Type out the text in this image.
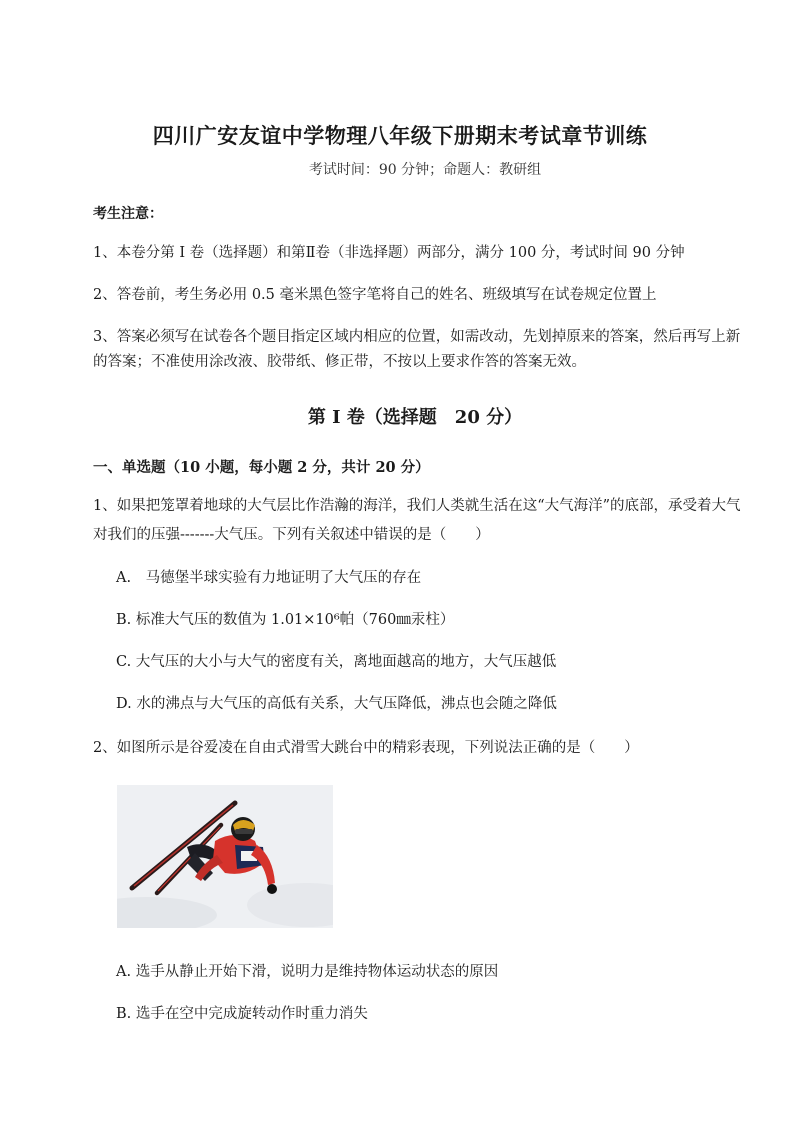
四川广安友谊中学物理八年级下册期末考试章节训练
考试时间：90 分钟；命题人：教研组
考生注意：

1、本卷分第 I 卷（选择题）和第Ⅱ卷（非选择题）两部分，满分 100 分，考试时间 90 分钟

2、答卷前，考生务必用 0.5 毫米黑色签字笔将自己的姓名、班级填写在试卷规定位置上

3、答案必须写在试卷各个题目指定区域内相应的位置，如需改动，先划掉原来的答案，然后再写上新的答案；不准使用涂改液、胶带纸、修正带，不按以上要求作答的答案无效。

第 I 卷（选择题　20 分）
一、单选题（10 小题，每小题 2 分，共计 20 分）

1、如果把笼罩着地球的大气层比作浩瀚的海洋，我们人类就生活在这“大气海洋”的底部，承受着大气对我们的压强-------大气压。下列有关叙述中错误的是（　　）

A.　马德堡半球实验有力地证明了大气压的存在
B. 标准大气压的数值为 1.01×10⁶帕（760㎜汞柱）
C. 大气压的大小与大气的密度有关，离地面越高的地方，大气压越低
D. 水的沸点与大气压的高低有关系，大气压降低，沸点也会随之降低

2、如图所示是谷爱凌在自由式滑雪大跳台中的精彩表现，下列说法正确的是（　　）

A. 选手从静止开始下滑，说明力是维持物体运动状态的原因
B. 选手在空中完成旋转动作时重力消失
